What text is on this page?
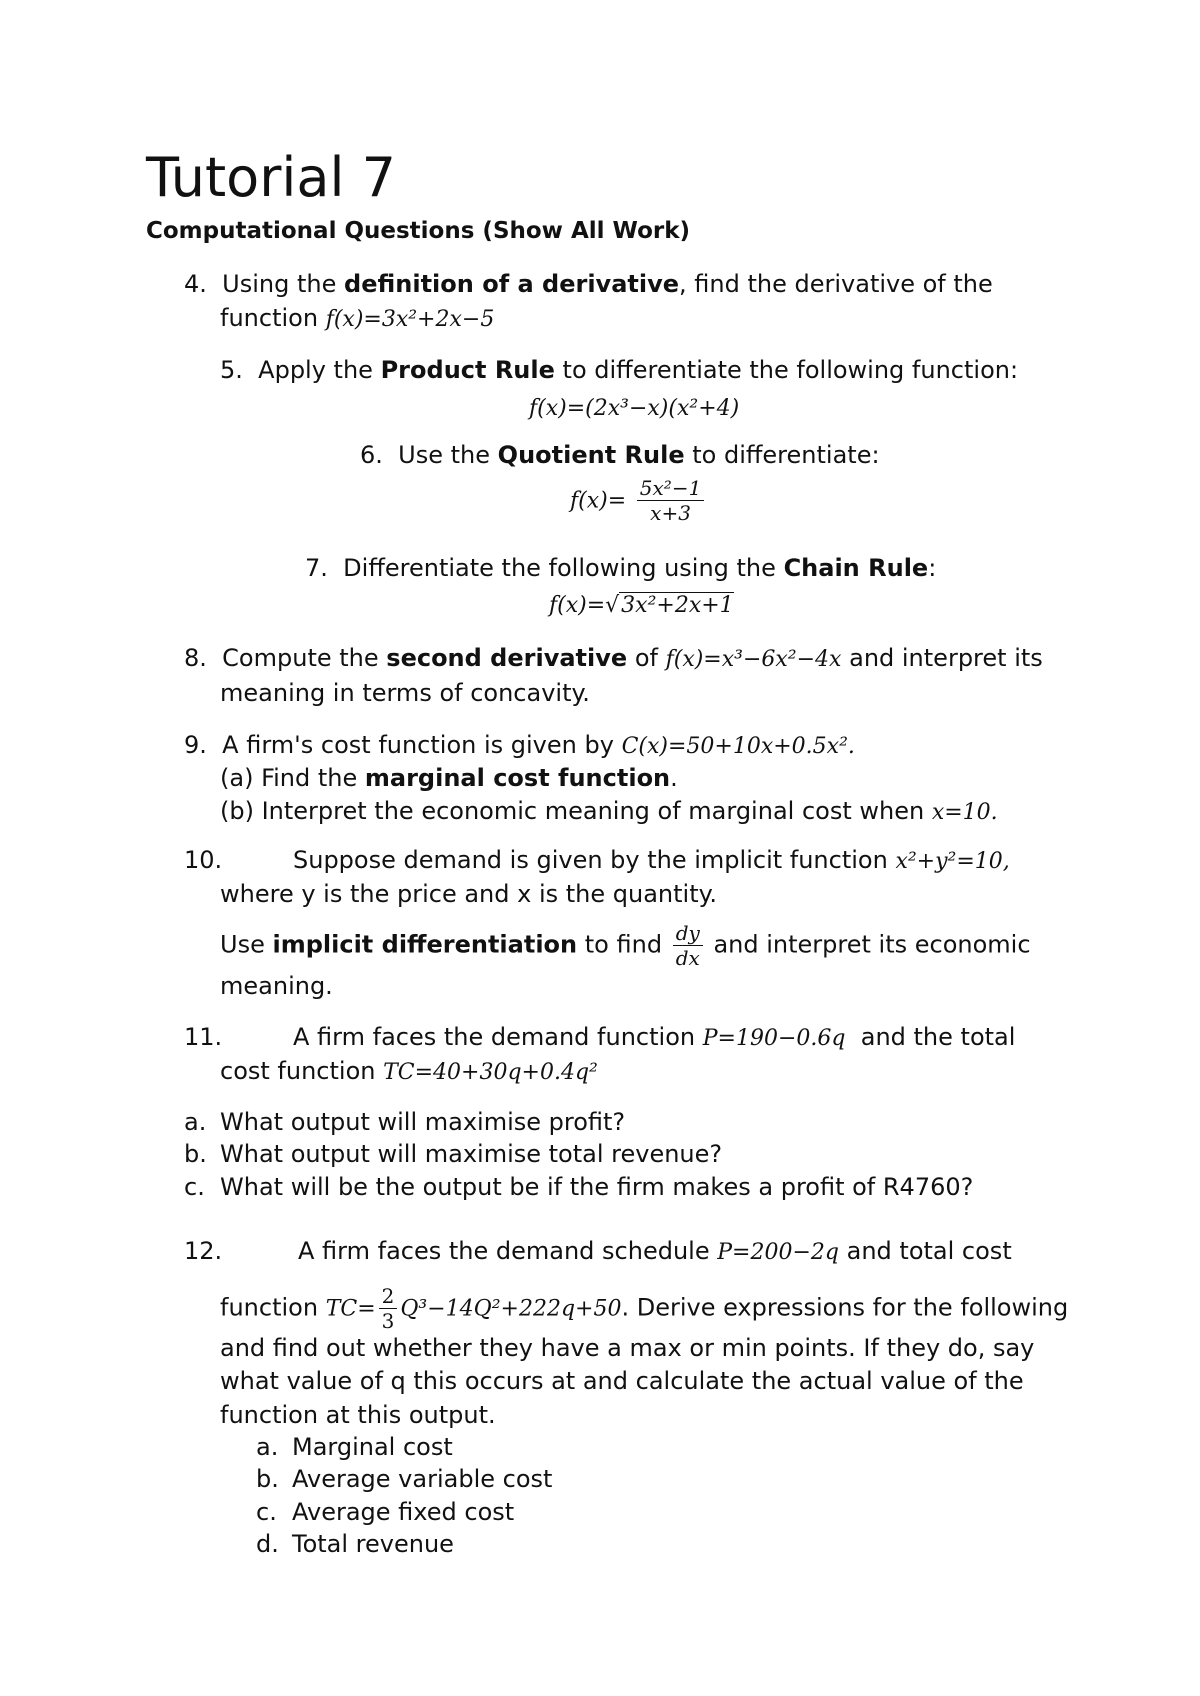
Tutorial 7
Computational Questions (Show All Work)
4. Using the definition of a derivative, find the derivative of the
function f(x)=3x²+2x−5
5. Apply the Product Rule to differentiate the following function:
f(x)=(2x³−x)(x²+4)
6. Use the Quotient Rule to differentiate:
$f(x)= \frac{\text{5x²−1}}{x+3}$
7. Differentiate the following using the Chain Rule:
f(x)=√3x²+2x+1
8. Compute the second derivative of f(x)=x³−6x²−4x and interpret its
meaning in terms of concavity.
9. A firm's cost function is given by C(x)=50+10x+0.5x².
(a) Find the marginal cost function.
(b) Interpret the economic meaning of marginal cost when x=10.
10.	Suppose demand is given by the implicit function x²+y²=10,
where y is the price and x is the quantity.
Use implicit differentiation to find $\frac{dy}{dx}$ and interpret its economic
meaning.
11.	A firm faces the demand function P=190−0.6q and the total
cost function TC=40+30q+0.4q²
a. What output will maximise profit?
b. What output will maximise total revenue?
c. What will be the output be if the firm makes a profit of R4760?
12.	A firm faces the demand schedule P=200−2q and total cost
function $TC= \frac{2}{3} Q^3-14Q^2+222q+50$. Derive expressions for the following
and find out whether they have a max or min points. If they do, say
what value of q this occurs at and calculate the actual value of the
function at this output.
a. Marginal cost
b. Average variable cost
c. Average fixed cost
d. Total revenue
